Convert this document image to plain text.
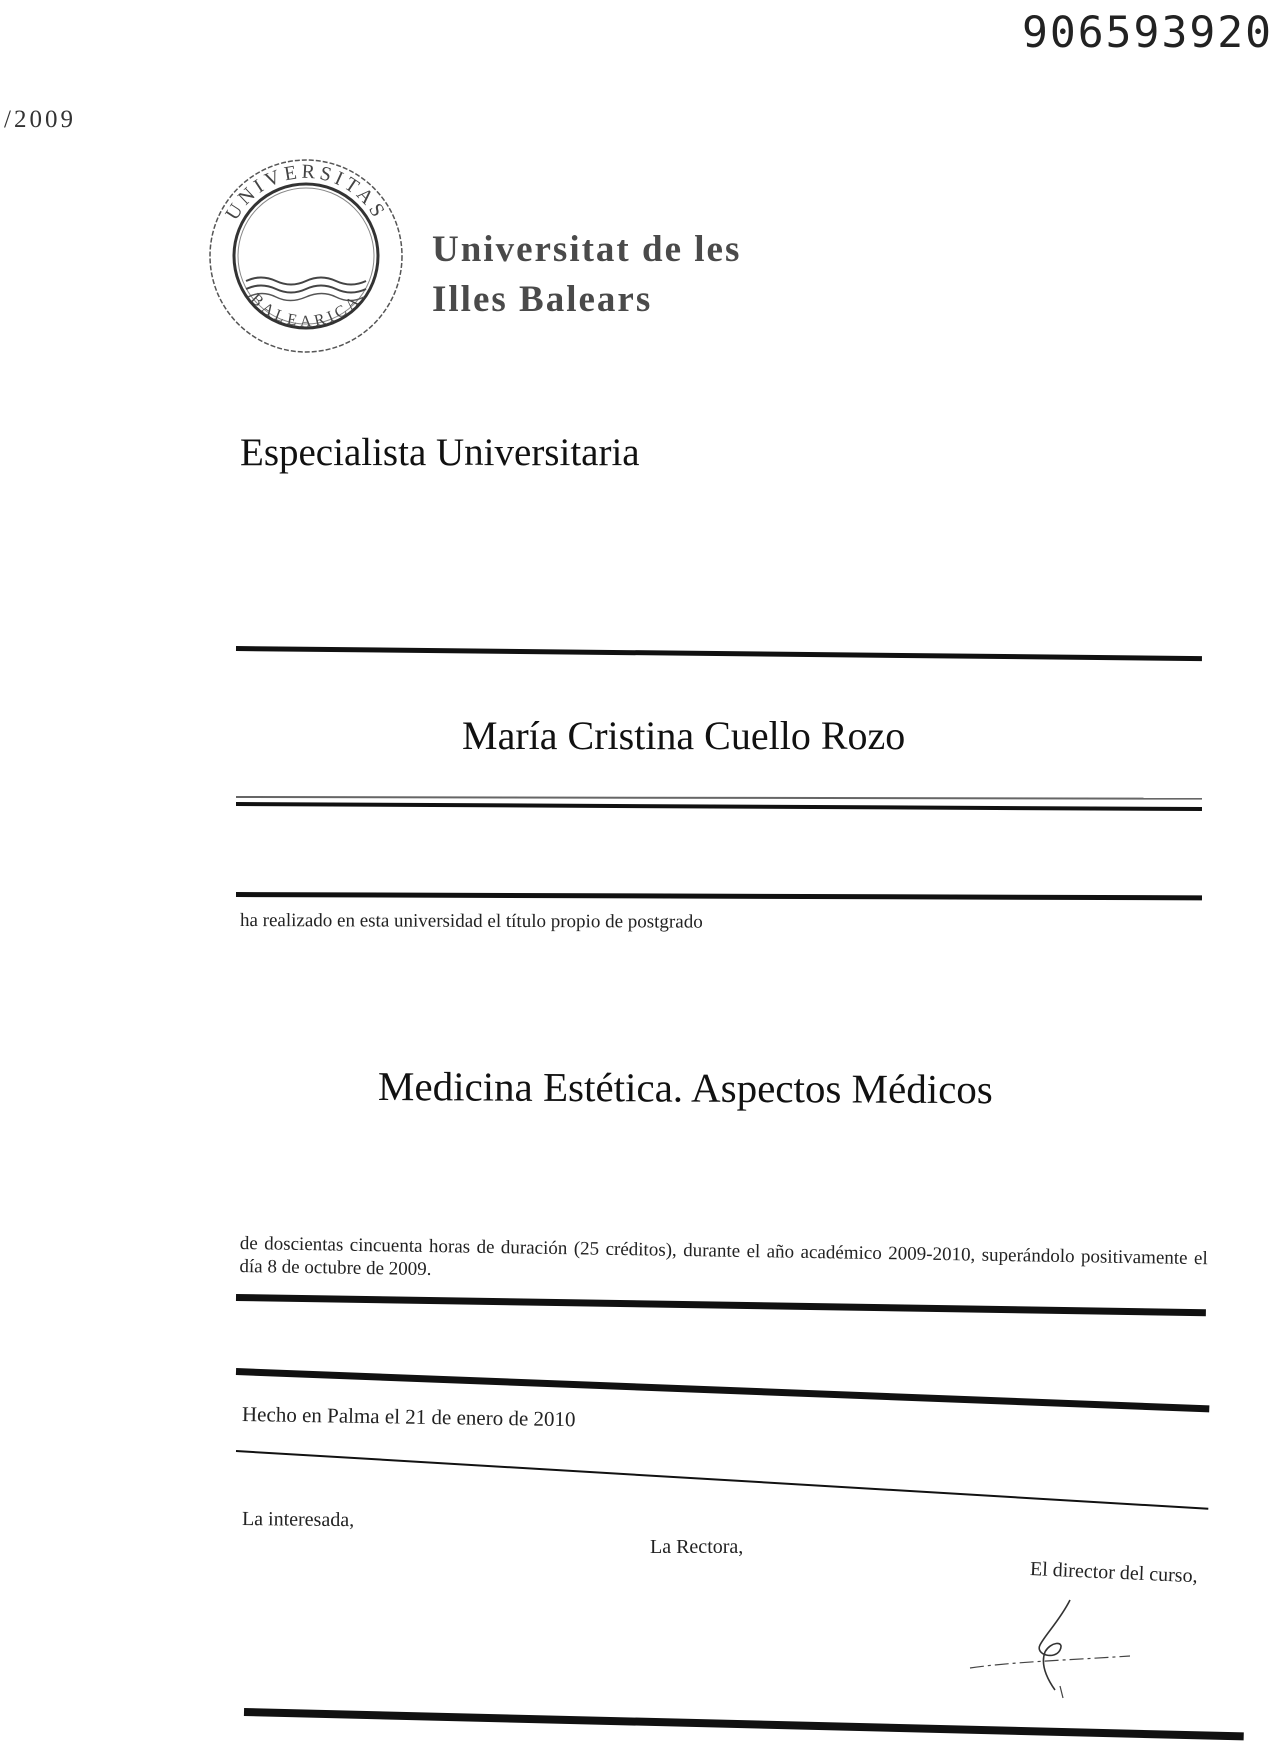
906593920
/2009
UNIVERSITAS
BALEARICA
Universitat de les
Illes Balears
Especialista Universitaria
María Cristina Cuello Rozo
ha realizado en esta universidad el título propio de postgrado
Medicina Estética. Aspectos Médicos
de doscientas cincuenta horas de duración (25 créditos), durante el año académico 2009-2010, superándolo positivamente el día 8 de octubre de 2009.
Hecho en Palma el 21 de enero de 2010
La interesada,
La Rectora,
El director del curso,
